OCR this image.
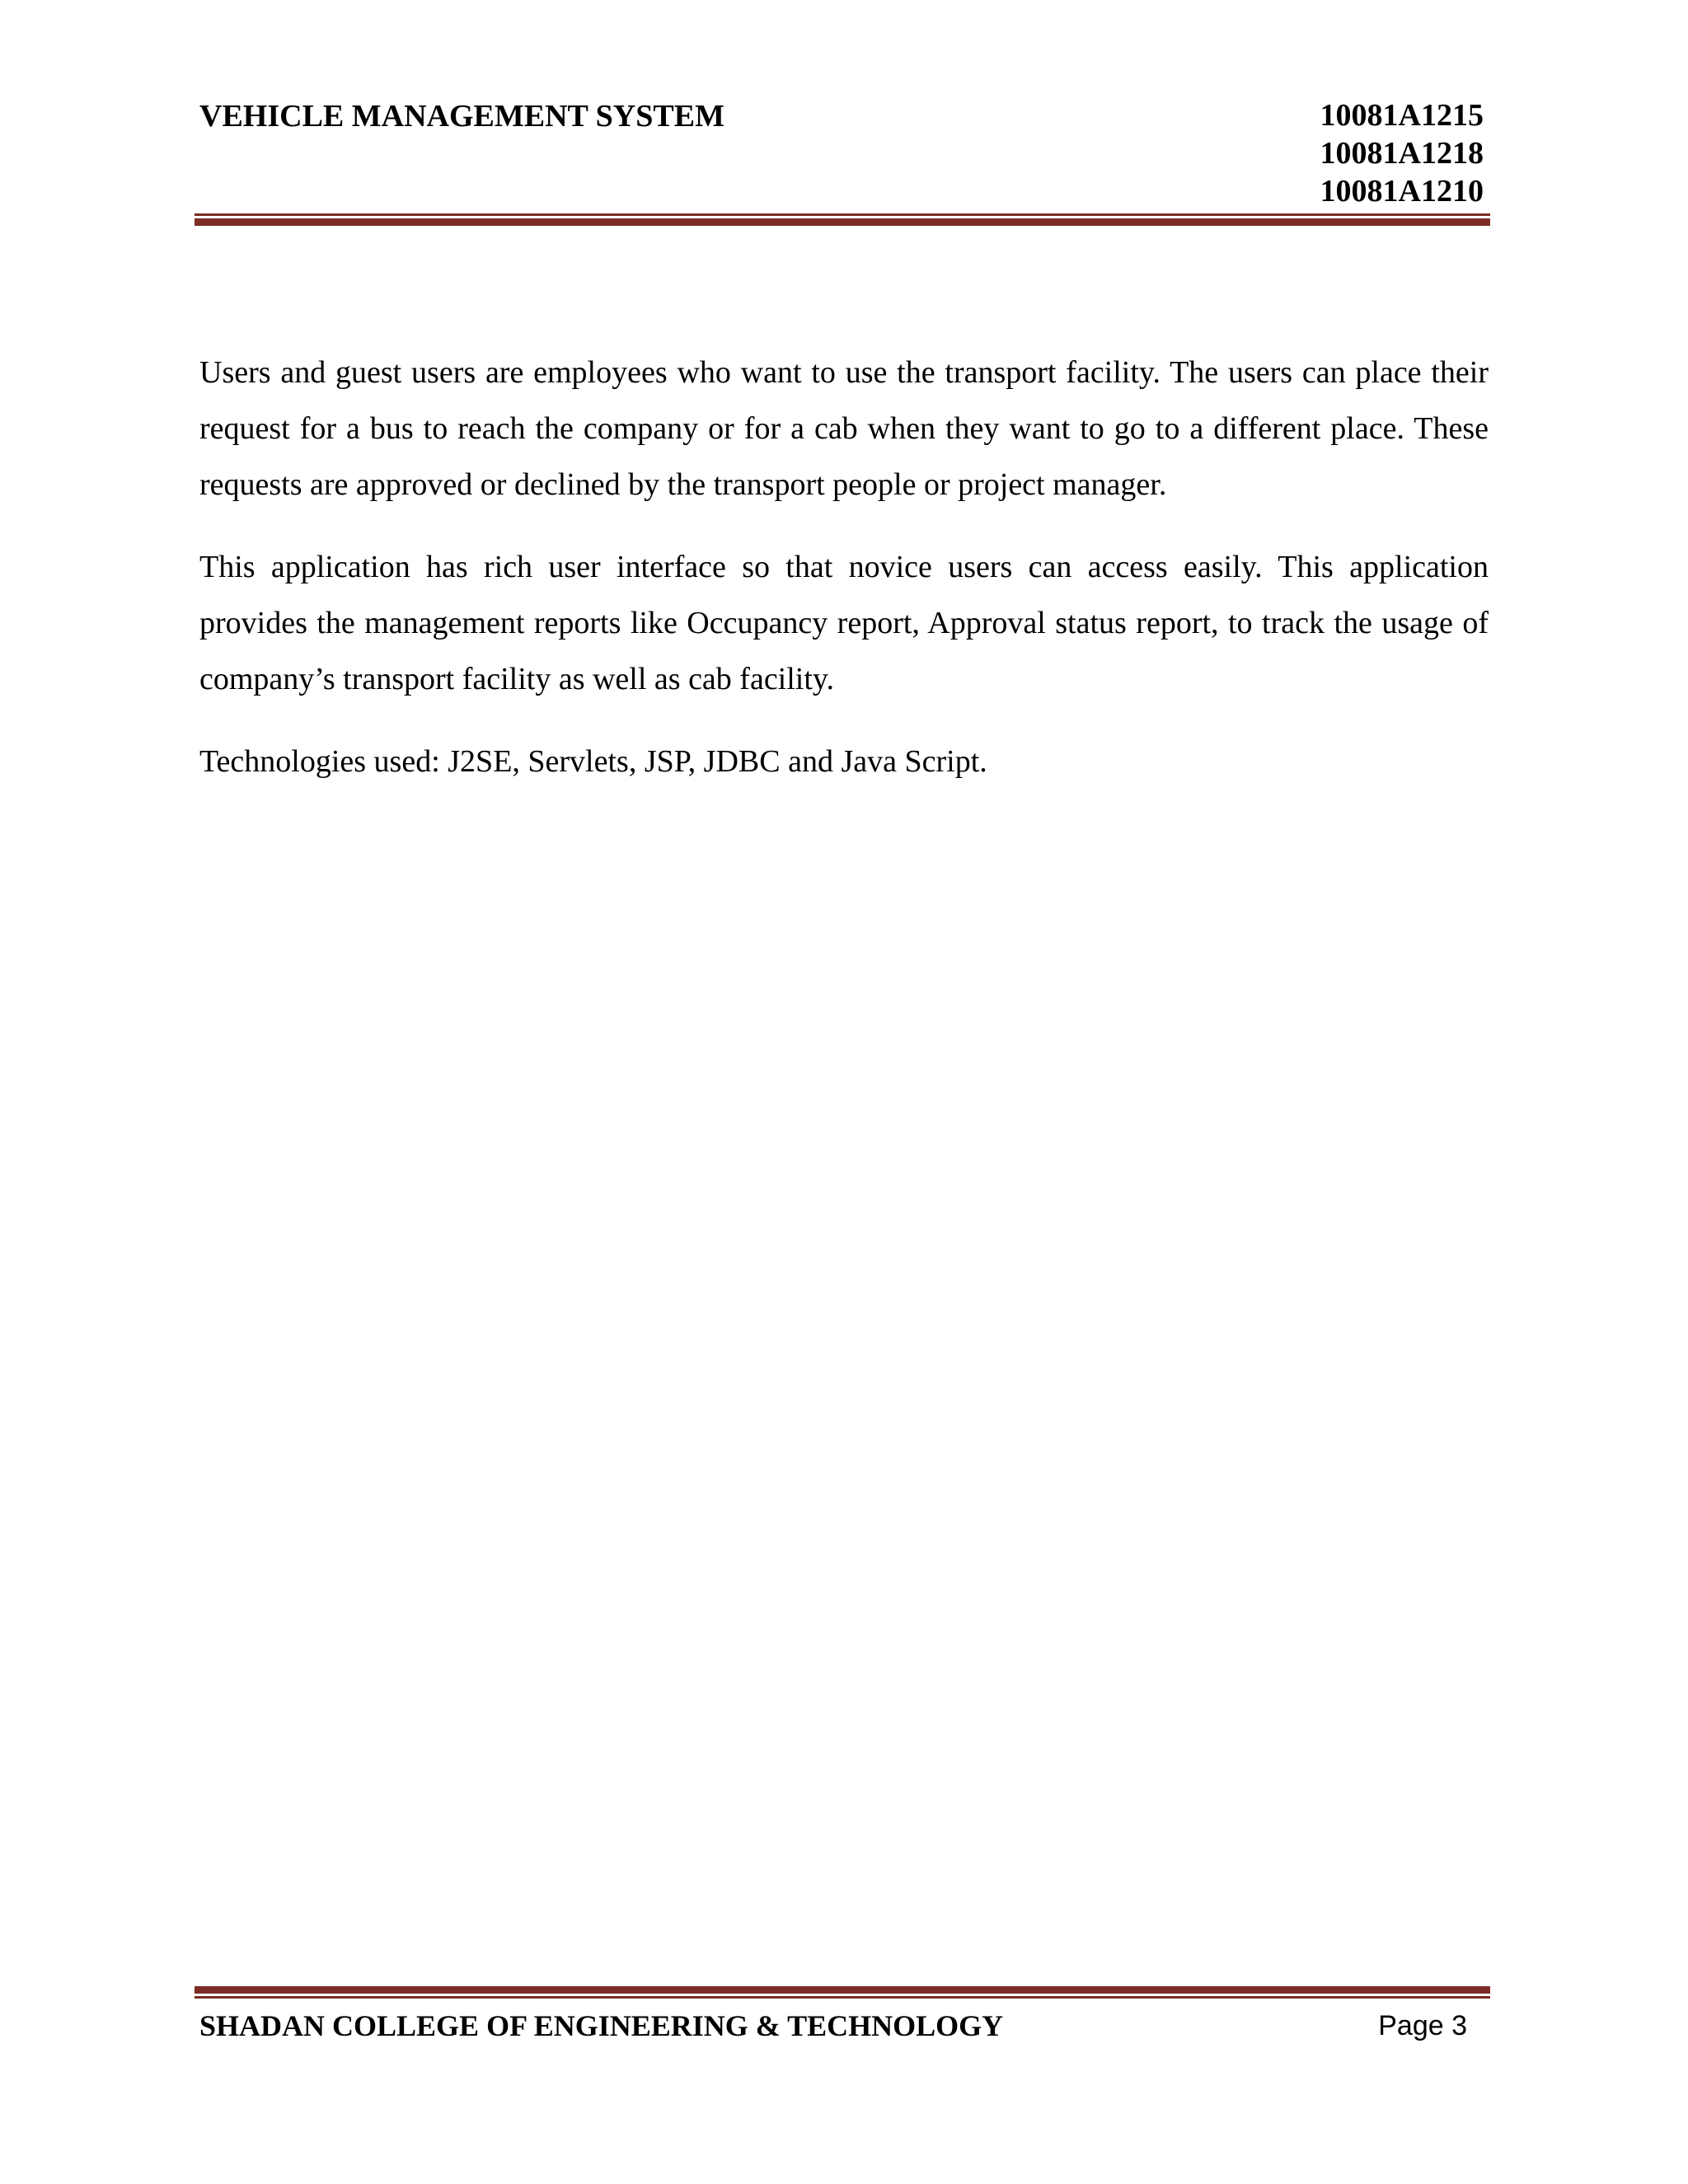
VEHICLE MANAGEMENT SYSTEM	10081A1215
10081A1218
10081A1210

Users and guest users are employees who want to use the transport facility. The users can place their request for a bus to reach the company or for a cab when they want to go to a different place. These requests are approved or declined by the transport people or project manager.

This application has rich user interface so that novice users can access easily. This application provides the management reports like Occupancy report, Approval status report, to track the usage of company’s transport facility as well as cab facility.

Technologies used: J2SE, Servlets, JSP, JDBC and Java Script.

SHADAN COLLEGE OF ENGINEERING & TECHNOLOGY	Page 3
